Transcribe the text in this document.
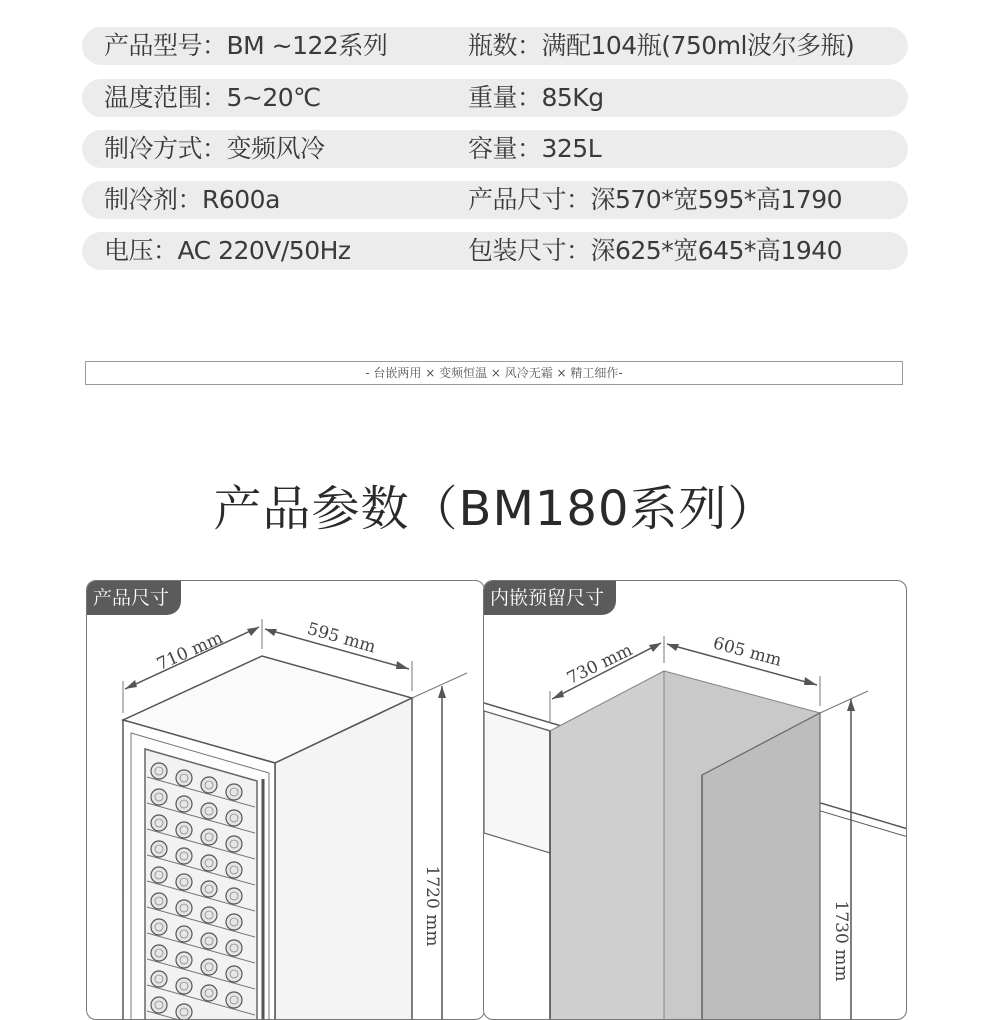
产品型号：BM ~122系列	瓶数：满配104瓶(750ml波尔多瓶)
温度范围：5~20℃	重量：85Kg
制冷方式：变频风冷	容量：325L
制冷剂：R600a	产品尺寸：深570*宽595*高1790
电压：AC 220V/50Hz	包装尺寸：深625*宽645*高1940
- 台嵌两用 × 变频恒温 × 风冷无霜 × 精工细作-
产品参数（BM180系列）
产品尺寸
710 mm	595 mm
1720 mm
内嵌预留尺寸
730 mm	605 mm
1730 mm
